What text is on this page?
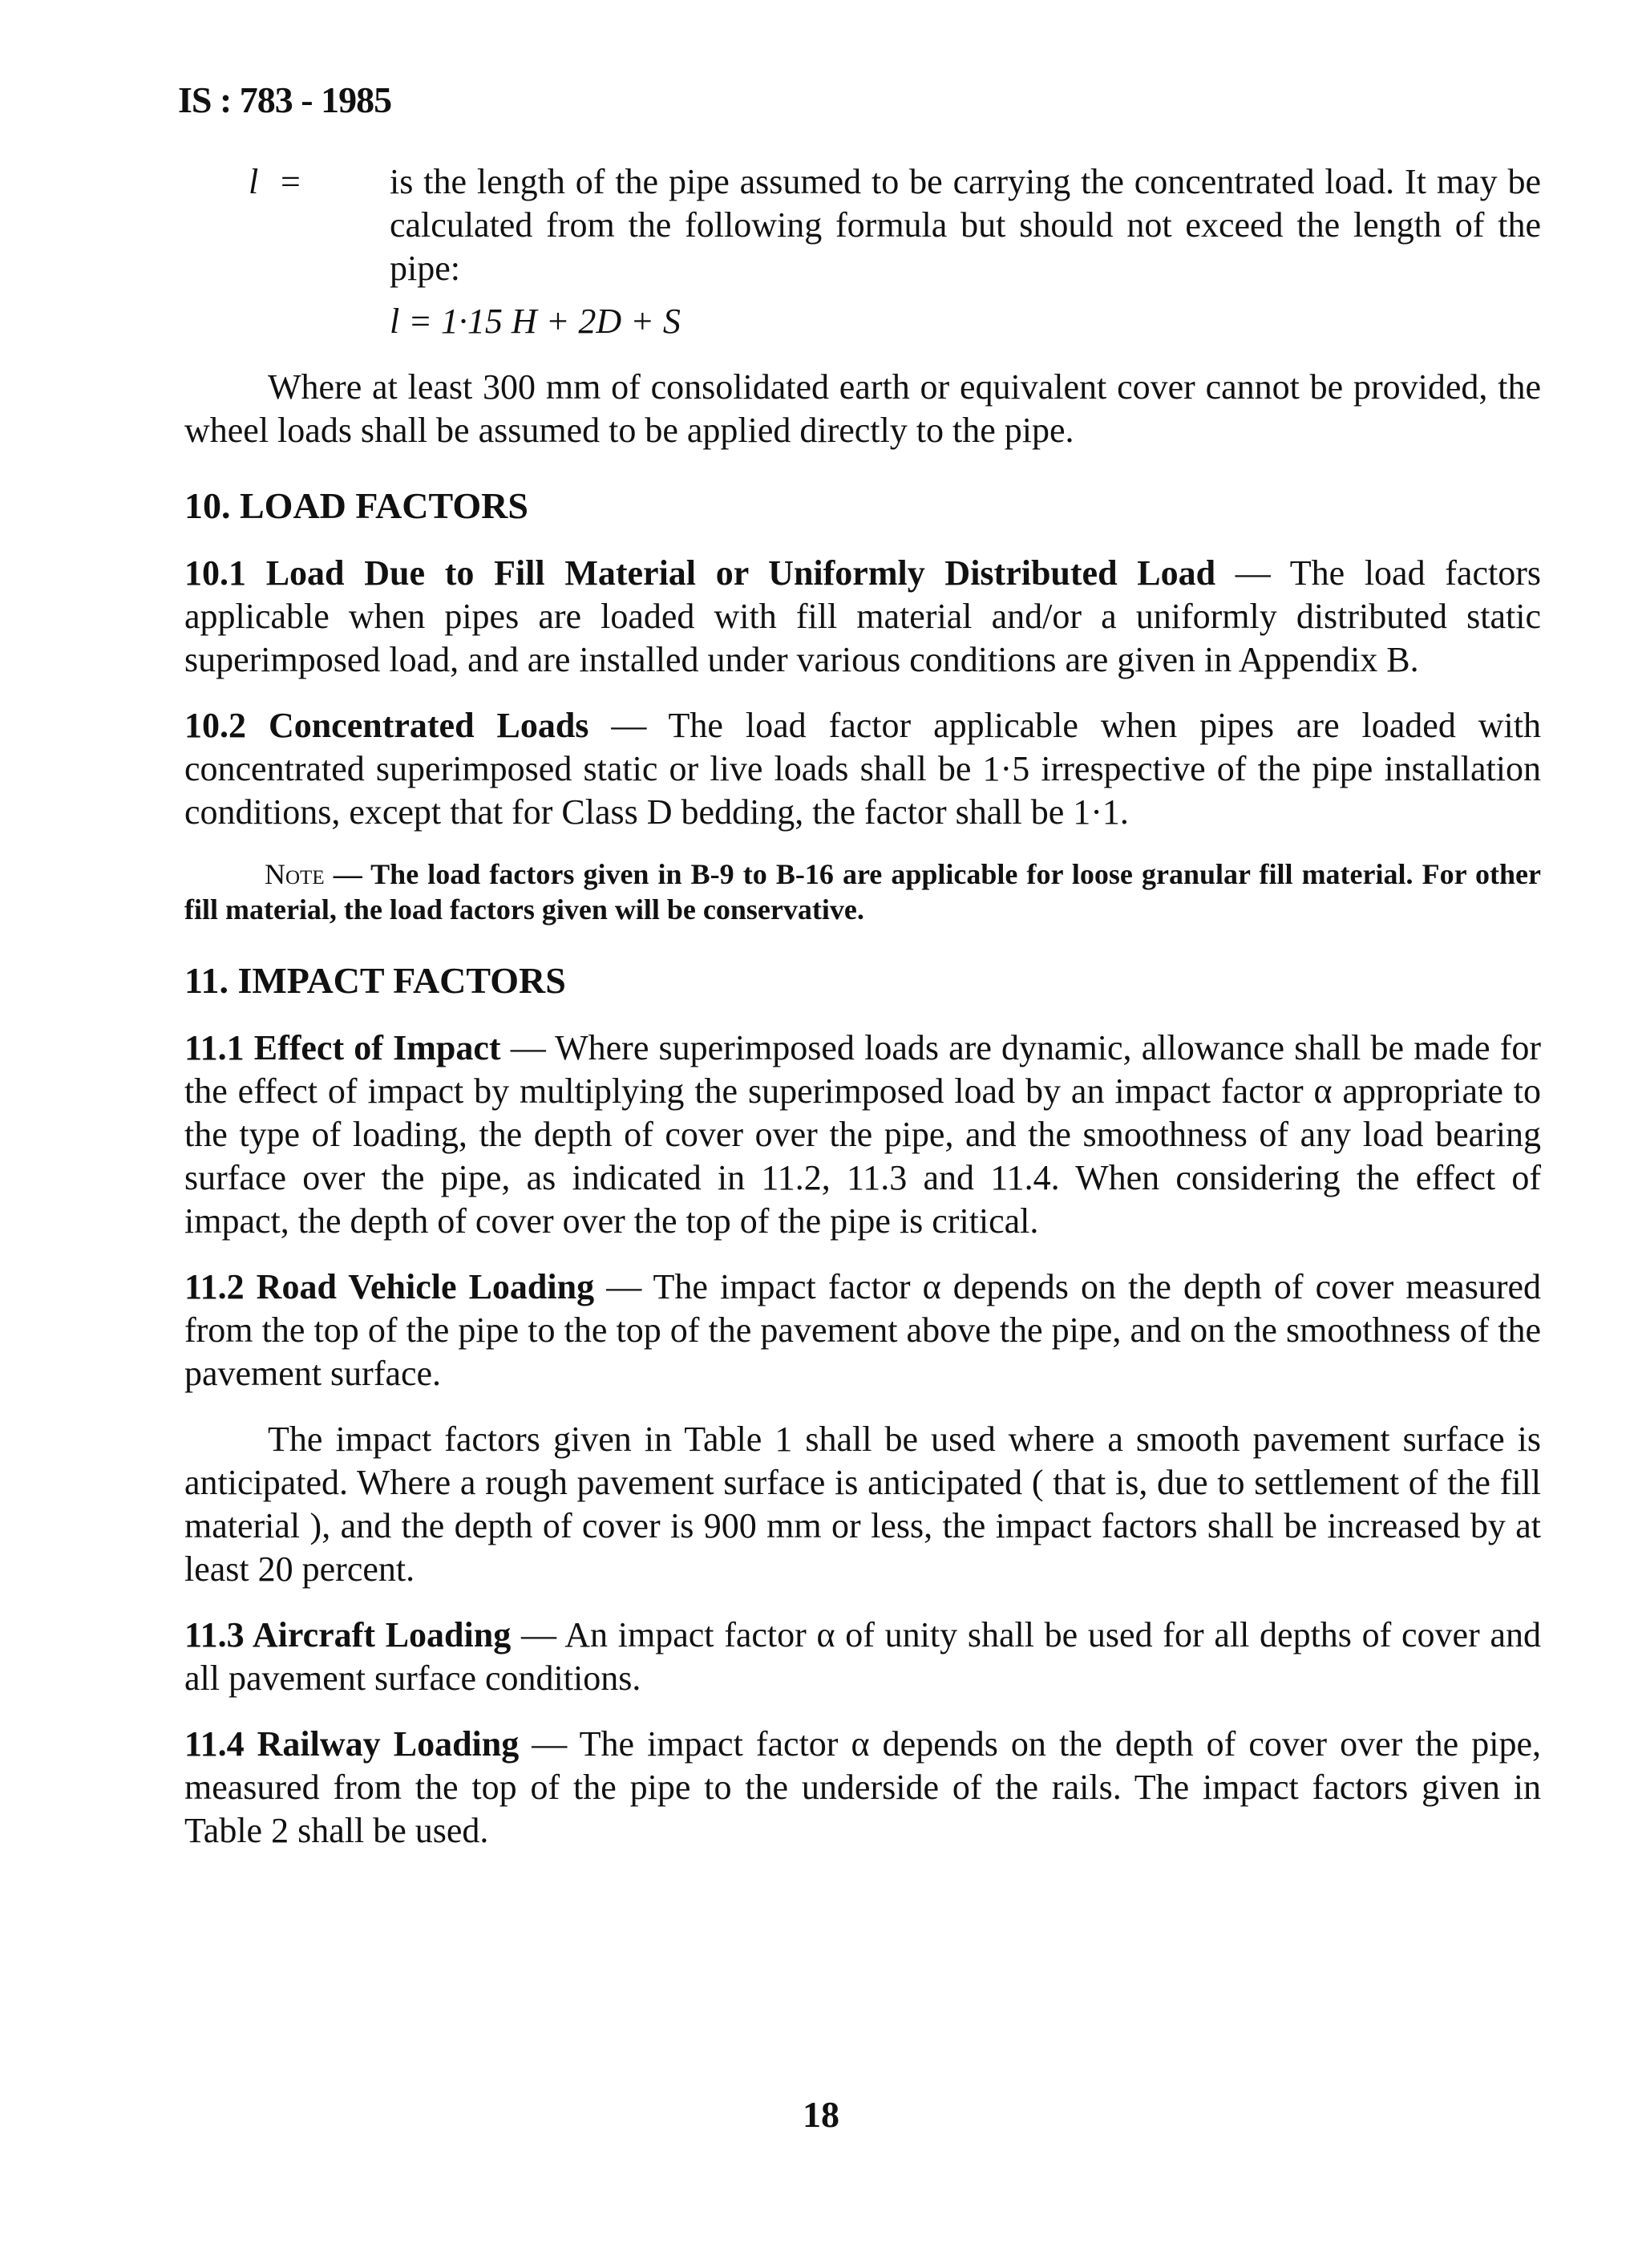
IS : 783 - 1985
l =	is the length of the pipe assumed to be carrying the concentrated load. It may be calculated from the following formula but should not exceed the length of the pipe:
l = 1·15 H + 2D + S

Where at least 300 mm of consolidated earth or equivalent cover cannot be provided, the wheel loads shall be assumed to be applied directly to the pipe.

10. LOAD FACTORS

10.1 Load Due to Fill Material or Uniformly Distributed Load — The load factors applicable when pipes are loaded with fill material and/or a uniformly distributed static superimposed load, and are installed under various conditions are given in Appendix B.

10.2 Concentrated Loads — The load factor applicable when pipes are loaded with concentrated superimposed static or live loads shall be 1·5 irrespective of the pipe installation conditions, except that for Class D bedding, the factor shall be 1·1.

Note — The load factors given in B-9 to B-16 are applicable for loose granular fill material. For other fill material, the load factors given will be conservative.
11. IMPACT FACTORS

11.1 Effect of Impact — Where superimposed loads are dynamic, allowance shall be made for the effect of impact by multiplying the superimposed load by an impact factor α appropriate to the type of loading, the depth of cover over the pipe, and the smoothness of any load bearing surface over the pipe, as indicated in 11.2, 11.3 and 11.4. When considering the effect of impact, the depth of cover over the top of the pipe is critical.

11.2 Road Vehicle Loading — The impact factor α depends on the depth of cover measured from the top of the pipe to the top of the pavement above the pipe, and on the smoothness of the pavement surface.

The impact factors given in Table 1 shall be used where a smooth pavement surface is anticipated. Where a rough pavement surface is anticipated ( that is, due to settlement of the fill material ), and the depth of cover is 900 mm or less, the impact factors shall be increased by at least 20 percent.

11.3 Aircraft Loading — An impact factor α of unity shall be used for all depths of cover and all pavement surface conditions.

11.4 Railway Loading — The impact factor α depends on the depth of cover over the pipe, measured from the top of the pipe to the underside of the rails. The impact factors given in Table 2 shall be used.

18
